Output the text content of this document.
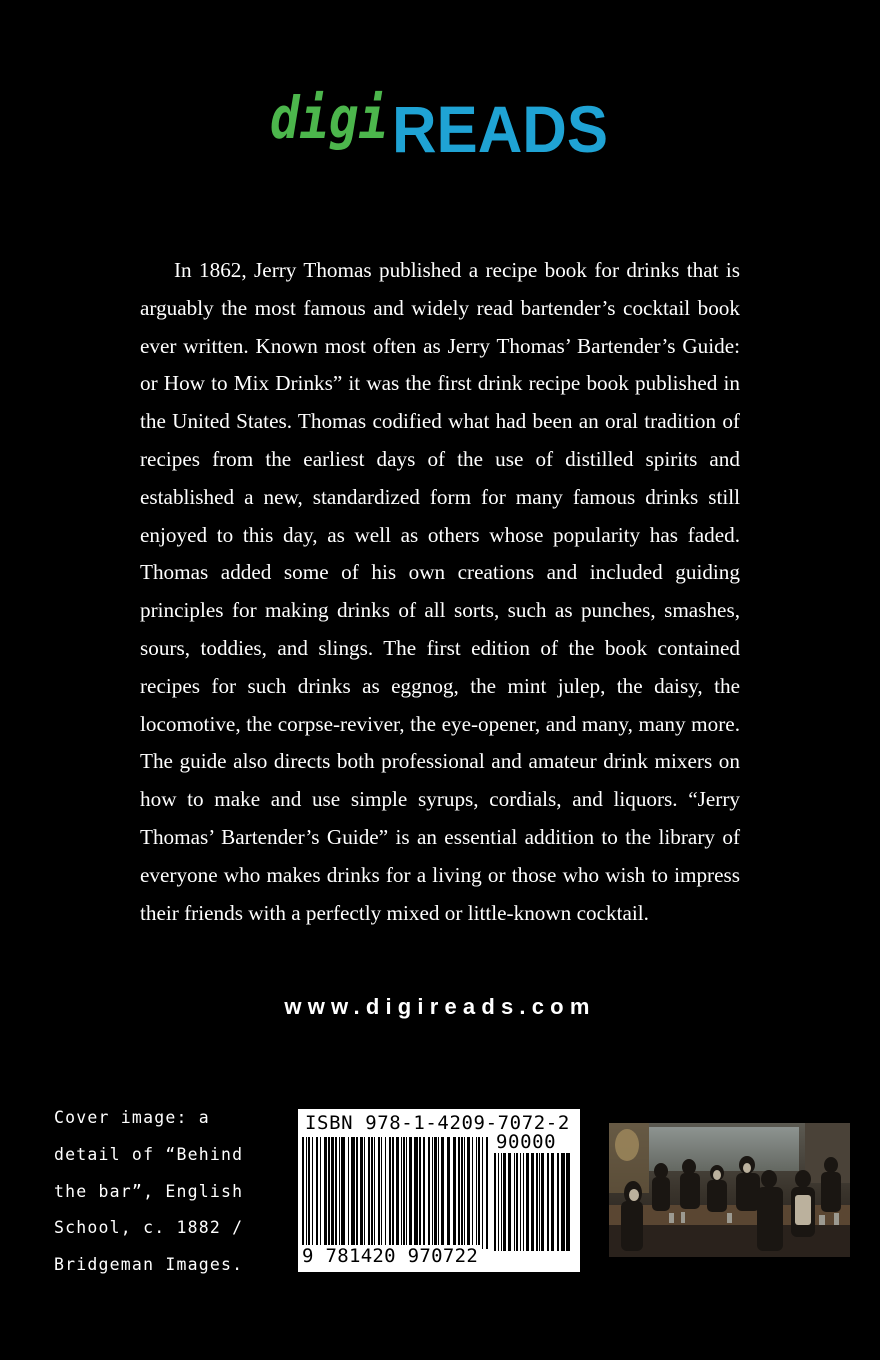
digi READS

In 1862, Jerry Thomas published a recipe book for drinks that is arguably the most famous and widely read bartender’s cocktail book ever written. Known most often as Jerry Thomas’ Bartender’s Guide: or How to Mix Drinks” it was the first drink recipe book published in the United States. Thomas codified what had been an oral tradition of recipes from the earliest days of the use of distilled spirits and established a new, standardized form for many famous drinks still enjoyed to this day, as well as others whose popularity has faded. Thomas added some of his own creations and included guiding principles for making drinks of all sorts, such as punches, smashes, sours, toddies, and slings. The first edition of the book contained recipes for such drinks as eggnog, the mint julep, the daisy, the locomotive, the corpse-reviver, the eye-opener, and many, many more. The guide also directs both professional and amateur drink mixers on how to make and use simple syrups, cordials, and liquors. “Jerry Thomas’ Bartender’s Guide” is an essential addition to the library of everyone who makes drinks for a living or those who wish to impress their friends with a perfectly mixed or little-known cocktail.

www.digireads.com

Cover image: a detail of “Behind the bar”, English School, c. 1882 / Bridgeman Images.

ISBN 978-1-4209-7072-2
90000
9 781420 970722
